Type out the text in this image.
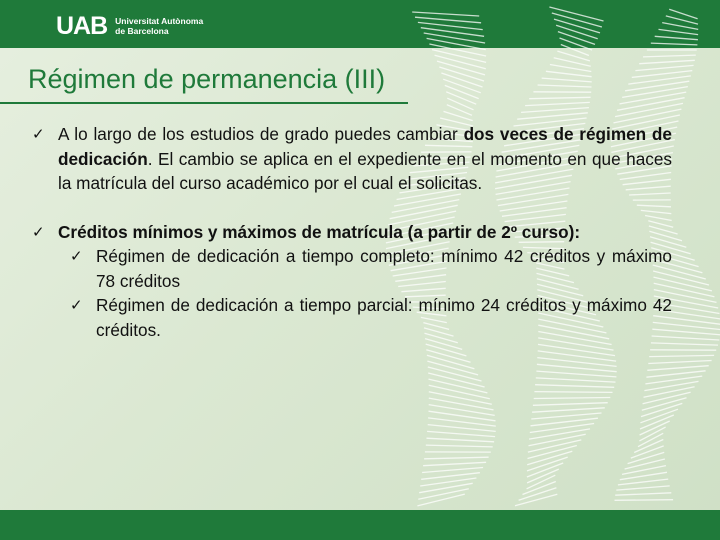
UAB Universitat Autònoma
de Barcelona
Régimen de permanencia (III)
✓ A lo largo de los estudios de grado puedes cambiar dos veces de régimen de dedicación. El cambio se aplica en el expediente en el momento en que haces la matrícula del curso académico por el cual el solicitas.
✓ Créditos mínimos y máximos de matrícula (a partir de 2º curso):
✓ Régimen de dedicación a tiempo completo: mínimo 42 créditos y máximo 78 créditos
✓ Régimen de dedicación a tiempo parcial: mínimo 24 créditos y máximo 42 créditos.
